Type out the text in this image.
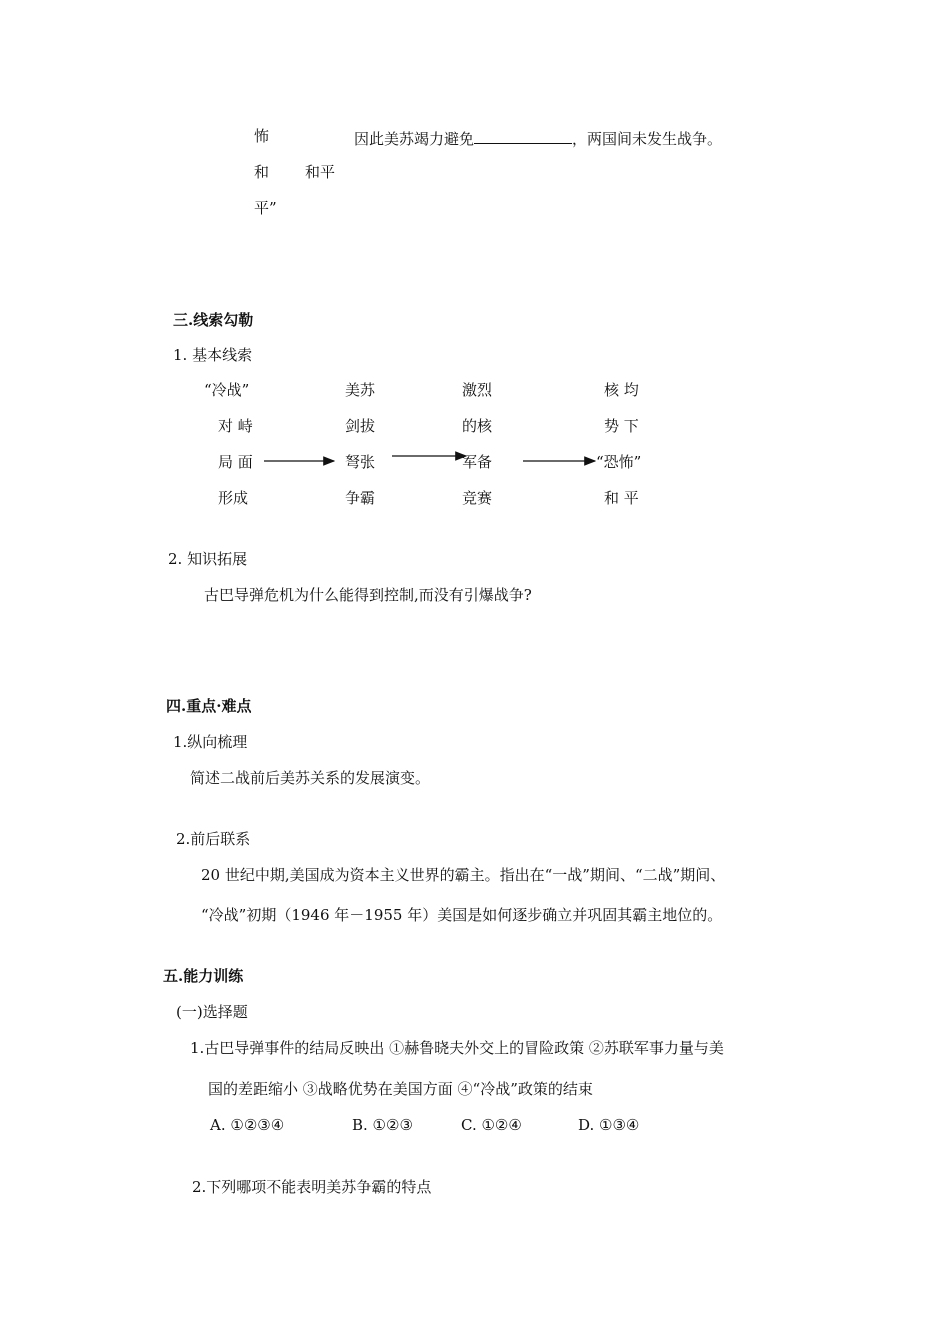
怖	因此美苏竭力避免	，两国间未发生战争。
和 和平
平”
三.线索勾勒
1. 基本线索
“冷战”
对 峙
局 面
形成
美苏
剑拔
弩张
争霸
激烈
的核
军备
竞赛
核 均
势 下
“恐怖”
和 平
2. 知识拓展
古巴导弹危机为什么能得到控制,而没有引爆战争?
四.重点·难点
1.纵向梳理
简述二战前后美苏关系的发展演变。
2.前后联系
20 世纪中期,美国成为资本主义世界的霸主。指出在“一战”期间、“二战”期间、
“冷战”初期（1946 年－1955 年）美国是如何逐步确立并巩固其霸主地位的。
五.能力训练
(一)选择题
1.古巴导弹事件的结局反映出 ①赫鲁晓夫外交上的冒险政策 ②苏联军事力量与美
国的差距缩小 ③战略优势在美国方面 ④“冷战”政策的结束
A. ①②③④	B. ①②③	C. ①②④	D. ①③④
2.下列哪项不能表明美苏争霸的特点
